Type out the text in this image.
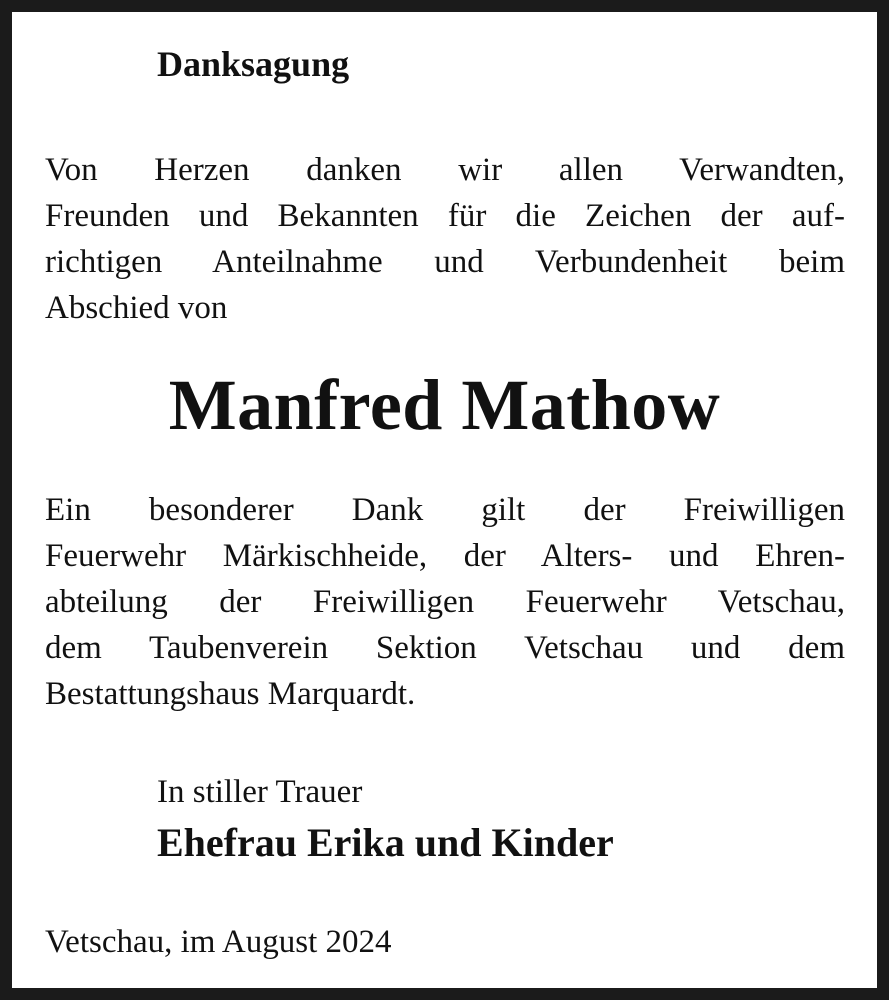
Danksagung

Von Herzen danken wir allen Verwandten,
Freunden und Bekannten für die Zeichen der auf-
richtigen Anteilnahme und Verbundenheit beim
Abschied von

Manfred Mathow

Ein besonderer Dank gilt der Freiwilligen
Feuerwehr Märkischheide, der Alters- und Ehren-
abteilung der Freiwilligen Feuerwehr Vetschau,
dem Taubenverein Sektion Vetschau und dem
Bestattungshaus Marquardt.

In stiller Trauer

Ehefrau Erika und Kinder

Vetschau, im August 2024
